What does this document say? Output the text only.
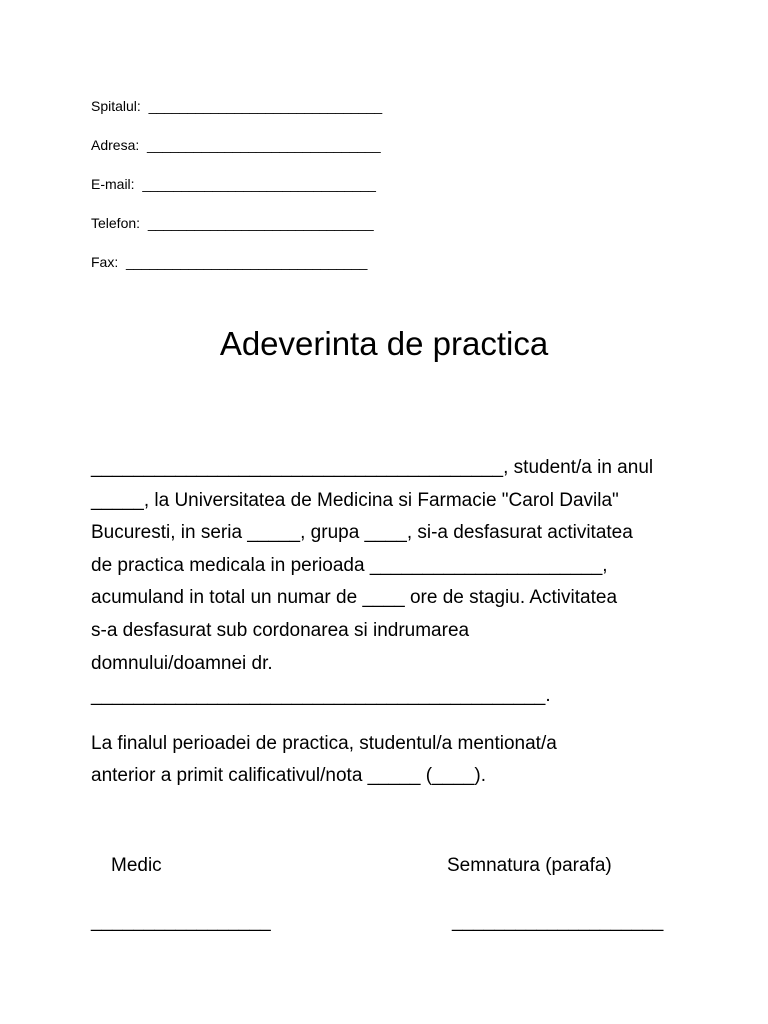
Spitalul:  ______________________________
Adresa:  ______________________________
E-mail:  ______________________________
Telefon:  _____________________________
Fax:  _______________________________
Adeverinta de practica

_______________________________________, student/a in anul
_____, la Universitatea de Medicina si Farmacie "Carol Davila"
Bucuresti, in seria _____, grupa ____, si-a desfasurat activitatea
de practica medicala in perioada ______________________,
acumuland in total un numar de ____ ore de stagiu. Activitatea
s-a desfasurat sub cordonarea si indrumarea
domnului/doamnei dr.
___________________________________________.

La finalul perioadei de practica, studentul/a mentionat/a
anterior a primit calificativul/nota _____ (____).

Medic	Semnatura (parafa)
_________________	____________________
